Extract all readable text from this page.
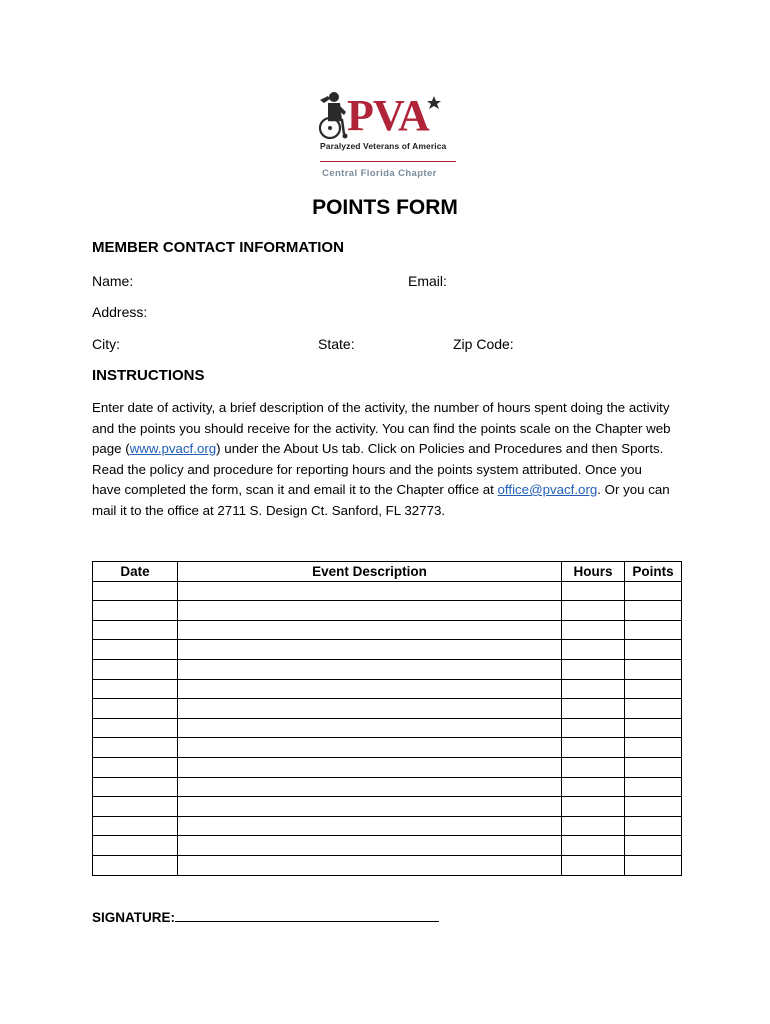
PVA
Paralyzed Veterans of America
Central Florida Chapter
POINTS FORM
MEMBER CONTACT INFORMATION
Name:	Email:
Address:
City:	State:	Zip Code:
INSTRUCTIONS
Enter date of activity, a brief description of the activity, the number of hours spent doing the activity and the points you should receive for the activity. You can find the points scale on the Chapter web page (www.pvacf.org) under the About Us tab. Click on Policies and Procedures and then Sports. Read the policy and procedure for reporting hours and the points system attributed. Once you have completed the form, scan it and email it to the Chapter office at office@pvacf.org. Or you can mail it to the office at 2711 S. Design Ct. Sanford, FL 32773.
Date	Event Description	Hours	Points

SIGNATURE:
